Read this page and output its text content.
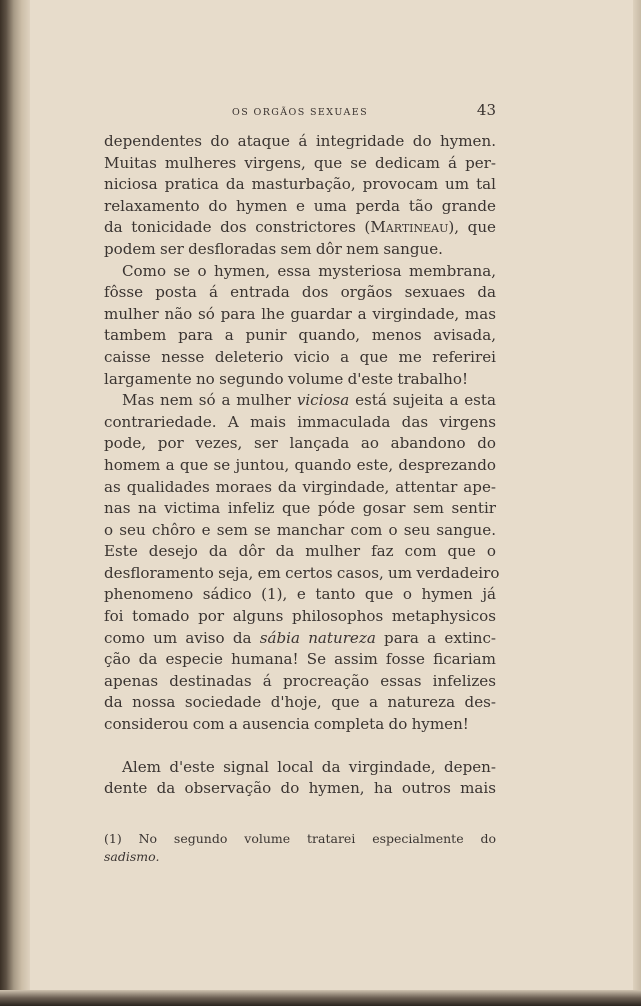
OS ORGÃOS SEXUAES	43
dependentes do ataque á integridade do hymen.
Muitas mulheres virgens, que se dedicam á per-
niciosa pratica da masturbação, provocam um tal
relaxamento do hymen e uma perda tão grande
da tonicidade dos constrictores (Martineau), que
podem ser desfloradas sem dôr nem sangue.
Como se o hymen, essa mysteriosa membrana,
fôsse posta á entrada dos orgãos sexuaes da
mulher não só para lhe guardar a virgindade, mas
tambem para a punir quando, menos avisada,
caisse nesse deleterio vicio a que me referirei
largamente no segundo volume d'este trabalho!
Mas nem só a mulher viciosa está sujeita a esta
contrariedade. A mais immaculada das virgens
pode, por vezes, ser lançada ao abandono do
homem a que se juntou, quando este, desprezando
as qualidades moraes da virgindade, attentar ape-
nas na victima infeliz que póde gosar sem sentir
o seu chôro e sem se manchar com o seu sangue.
Este desejo da dôr da mulher faz com que o
desfloramento seja, em certos casos, um verdadeiro
phenomeno sádico (1), e tanto que o hymen já
foi tomado por alguns philosophos metaphysicos
como um aviso da sábia natureza para a extinc-
ção da especie humana! Se assim fosse ficariam
apenas destinadas á procreação essas infelizes
da nossa sociedade d'hoje, que a natureza des-
considerou com a ausencia completa do hymen!
Alem d'este signal local da virgindade, depen-
dente da observação do hymen, ha outros mais
(1) No segundo volume tratarei especialmente do
sadismo.
